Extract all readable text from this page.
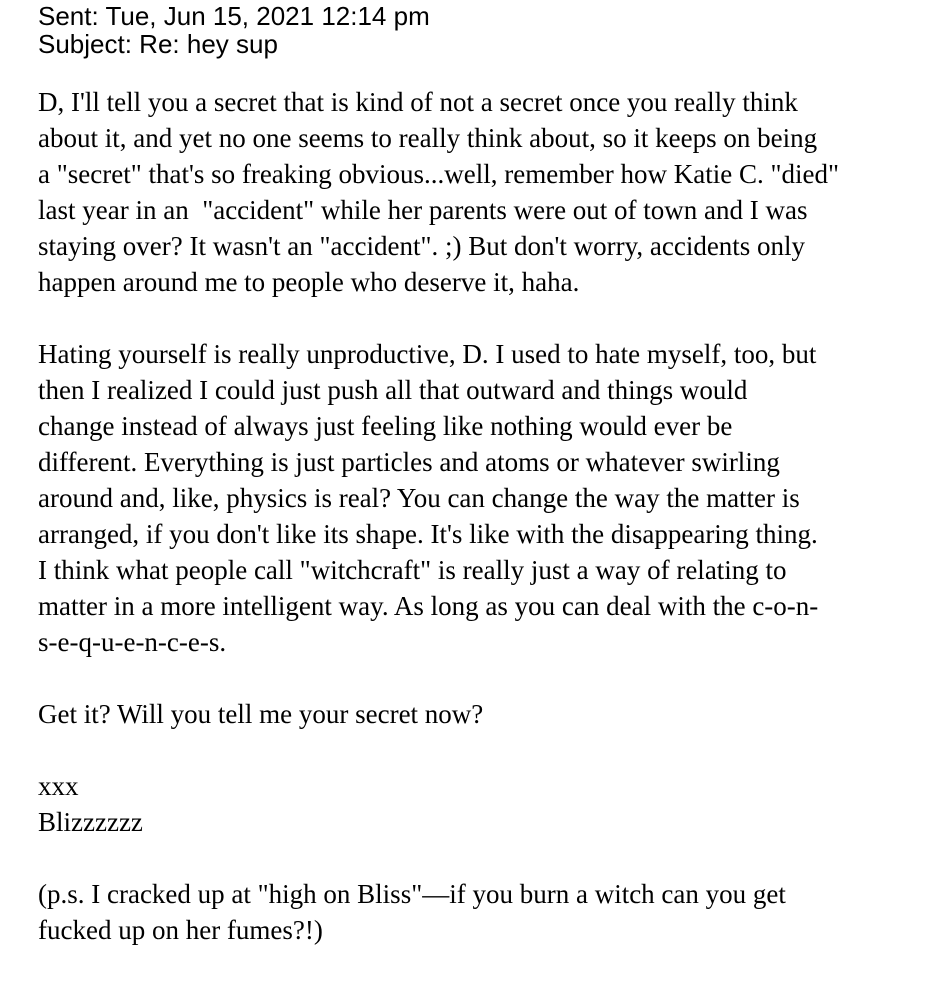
Sent: Tue, Jun 15, 2021 12:14 pm
Subject: Re: hey sup
D, I'll tell you a secret that is kind of not a secret once you really think
about it, and yet no one seems to really think about, so it keeps on being
a "secret" that's so freaking obvious...well, remember how Katie C. "died"
last year in an  "accident" while her parents were out of town and I was
staying over? It wasn't an "accident". ;) But don't worry, accidents only
happen around me to people who deserve it, haha.
Hating yourself is really unproductive, D. I used to hate myself, too, but
then I realized I could just push all that outward and things would
change instead of always just feeling like nothing would ever be
different. Everything is just particles and atoms or whatever swirling
around and, like, physics is real? You can change the way the matter is
arranged, if you don't like its shape. It's like with the disappearing thing.
I think what people call "witchcraft" is really just a way of relating to
matter in a more intelligent way. As long as you can deal with the c-o-n-
s-e-q-u-e-n-c-e-s.
Get it? Will you tell me your secret now?
xxx
Blizzzzzz
(p.s. I cracked up at "high on Bliss"—if you burn a witch can you get
fucked up on her fumes?!)
